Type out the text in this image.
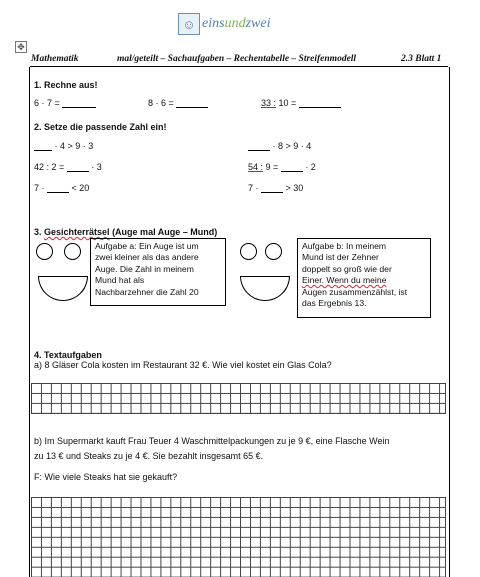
☺ eins und zwei
✥
Mathematik	mal/geteilt – Sachaufgaben – Rechentabelle – Streifenmodell	2.3 Blatt 1
1. Rechne aus!
6 · 7 =	8 · 6 =	33 : 10 =
2. Setze die passende Zahl ein!
· 4 > 9 · 3	· 8 > 9 · 4
42 : 2 =	· 3	54 : 9 =	· 2
7 ·	< 20	7 ·	> 30
3. Gesichterrätsel (Auge mal Auge – Mund)
Aufgabe a: Ein Auge ist um
zwei kleiner als das andere
Auge. Die Zahl in meinem
Mund hat als
Nachbarzehner die Zahl 20
Aufgabe b: In meinem
Mund ist der Zehner
doppelt so groß wie der
Einer. Wenn du meine
Augen zusammenzählst, ist
das Ergebnis 13.
4. Textaufgaben
a) 8 Gläser Cola kosten im Restaurant 32 €. Wie viel kostet ein Glas Cola?
b) Im Supermarkt kauft Frau Teuer 4 Waschmittelpackungen zu je 9 €, eine Flasche Wein
zu 13 € und Steaks zu je 4 €. Sie bezahlt insgesamt 65 €.
F: Wie viele Steaks hat sie gekauft?
